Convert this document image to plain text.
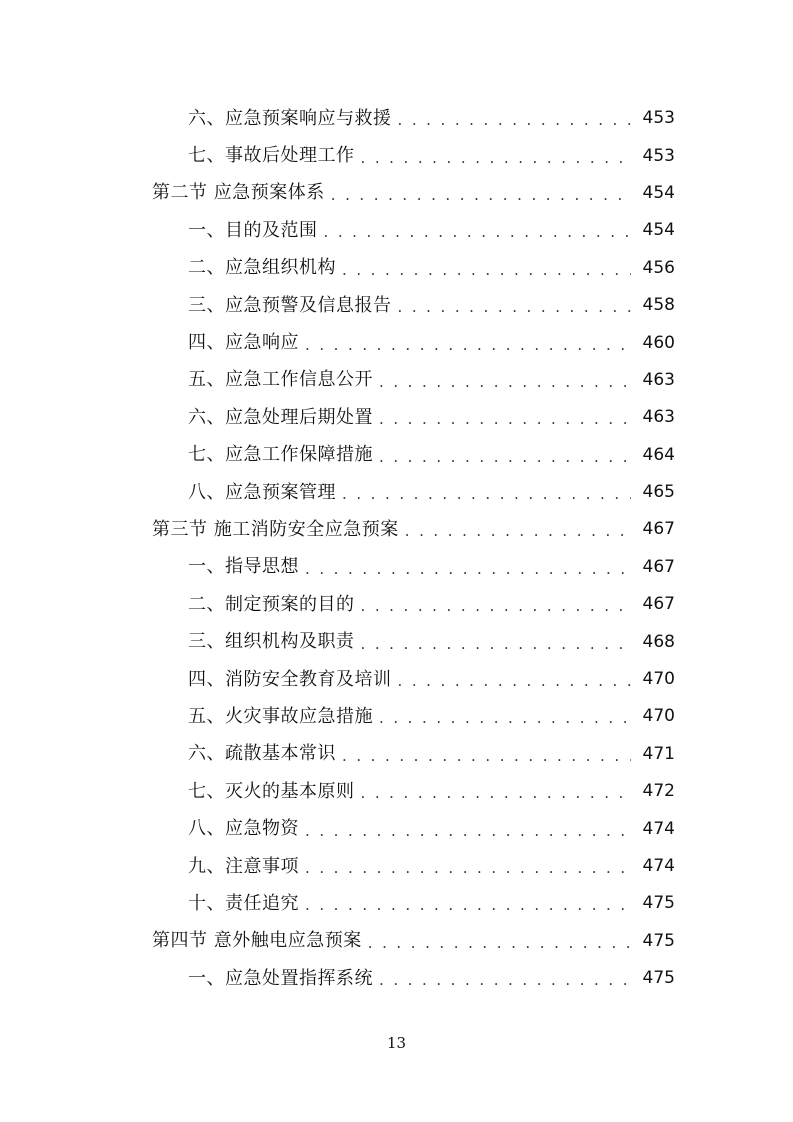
六、应急预案响应与救援 . . .	453
七、事故后处理工作 . . .	453
第二节 应急预案体系 . . .	454
一、目的及范围 . . .	454
二、应急组织机构 . . .	456
三、应急预警及信息报告 . . .	458
四、应急响应 . . .	460
五、应急工作信息公开 . . .	463
六、应急处理后期处置 . . .	463
七、应急工作保障措施 . . .	464
八、应急预案管理 . . .	465
第三节 施工消防安全应急预案 . . .	467
一、指导思想 . . .	467
二、制定预案的目的 . . .	467
三、组织机构及职责 . . .	468
四、消防安全教育及培训 . . .	470
五、火灾事故应急措施 . . .	470
六、疏散基本常识 . . .	471
七、灭火的基本原则 . . .	472
八、应急物资 . . .	474
九、注意事项 . . .	474
十、责任追究 . . .	475
第四节 意外触电应急预案 . . .	475
一、应急处置指挥系统 . . .	475
13
